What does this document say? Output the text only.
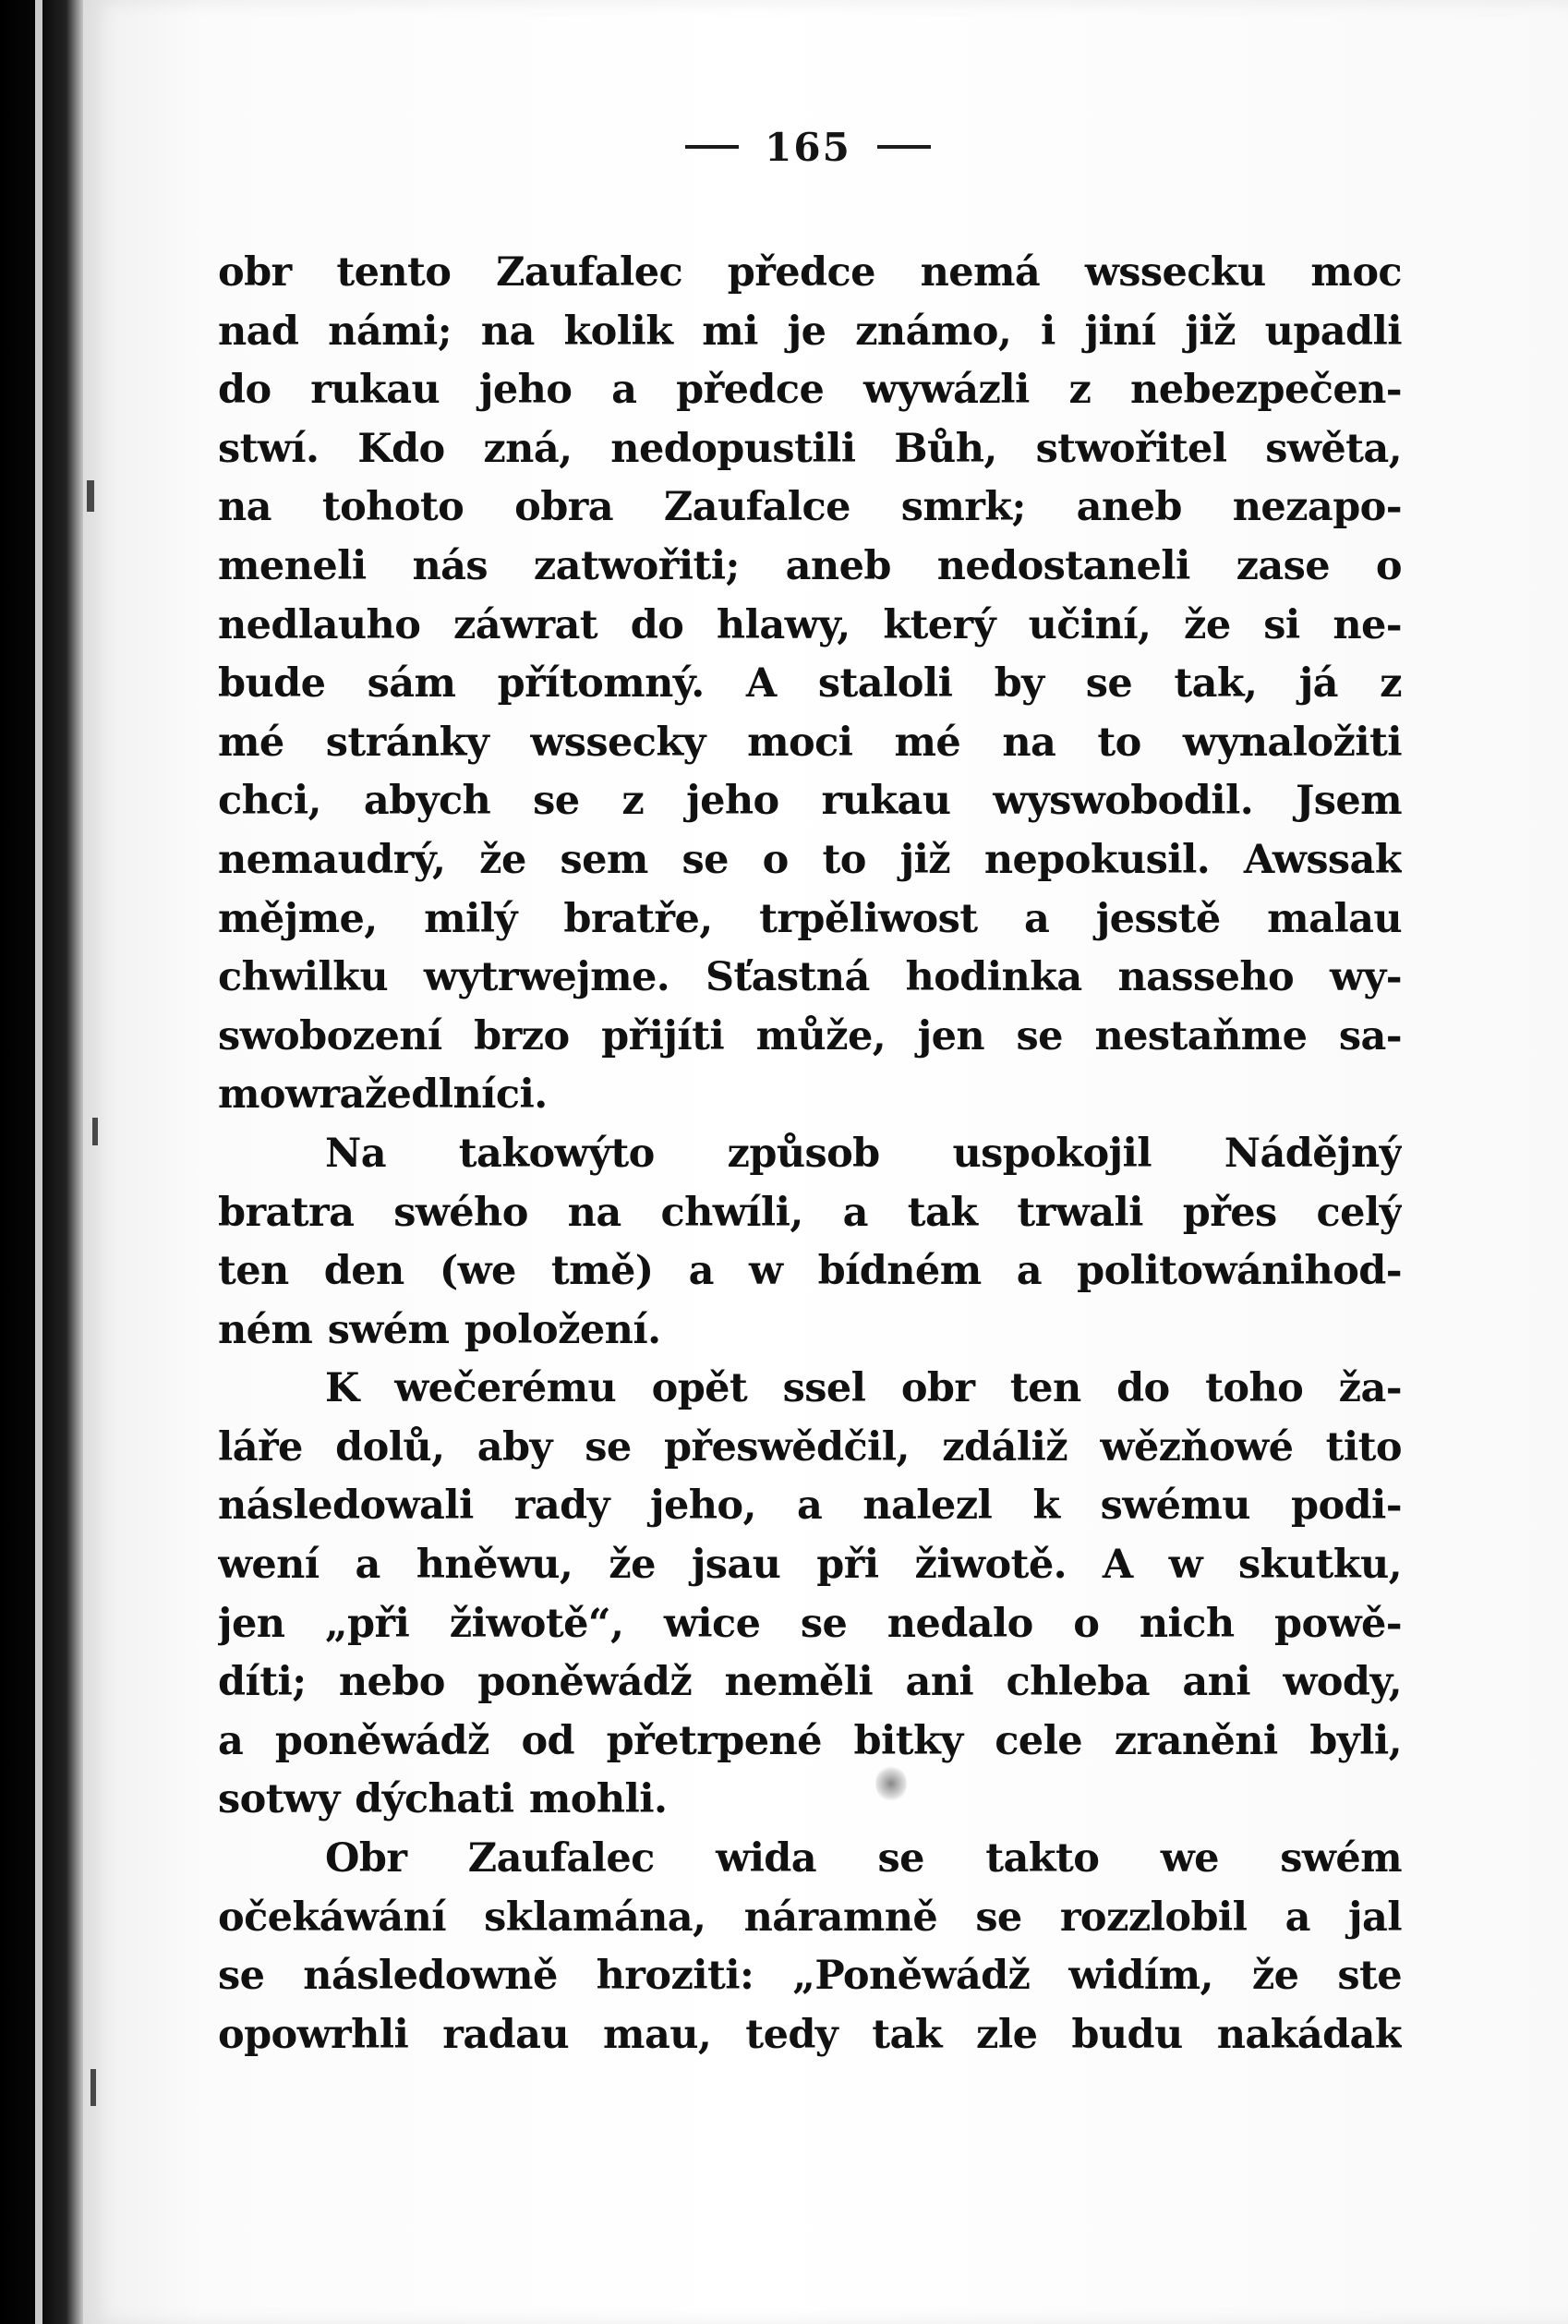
165
obr tento Zaufalec předce nemá wssecku moc
nad námi; na kolik mi je známo, i jiní již upadli
do rukau jeho a předce wywázli z nebezpečen-
stwí. Kdo zná, nedopustili Bůh, stwořitel swěta,
na tohoto obra Zaufalce smrk; aneb nezapo-
meneli nás zatwořiti; aneb nedostaneli zase o
nedlauho záwrat do hlawy, který učiní, že si ne-
bude sám přítomný. A staloli by se tak, já z
mé stránky wssecky moci mé na to wynaložiti
chci, abych se z jeho rukau wyswobodil. Jsem
nemaudrý, že sem se o to již nepokusil. Awssak
mějme, milý bratře, trpěliwost a jesstě malau
chwilku wytrwejme. Sťastná hodinka nasseho wy-
swobození brzo přijíti může, jen se nestaňme sa-
mowražedlníci.
Na takowýto způsob uspokojil Nádějný
bratra swého na chwíli, a tak trwali přes celý
ten den (we tmě) a w bídném a politowánihod-
ném swém položení.
K wečerému opět ssel obr ten do toho ža-
láře dolů, aby se přeswědčil, zdáliž wězňowé tito
následowali rady jeho, a nalezl k swému podi-
wení a hněwu, že jsau při žiwotě. A w skutku,
jen „při žiwotě“, wice se nedalo o nich powě-
díti; nebo poněwádž neměli ani chleba ani wody,
a poněwádž od přetrpené bitky cele zraněni byli,
sotwy dýchati mohli.
Obr Zaufalec wida se takto we swém
očekáwání sklamána, náramně se rozzlobil a jal
se následowně hroziti: „Poněwádž widím, že ste
opowrhli radau mau, tedy tak zle budu nakádak
